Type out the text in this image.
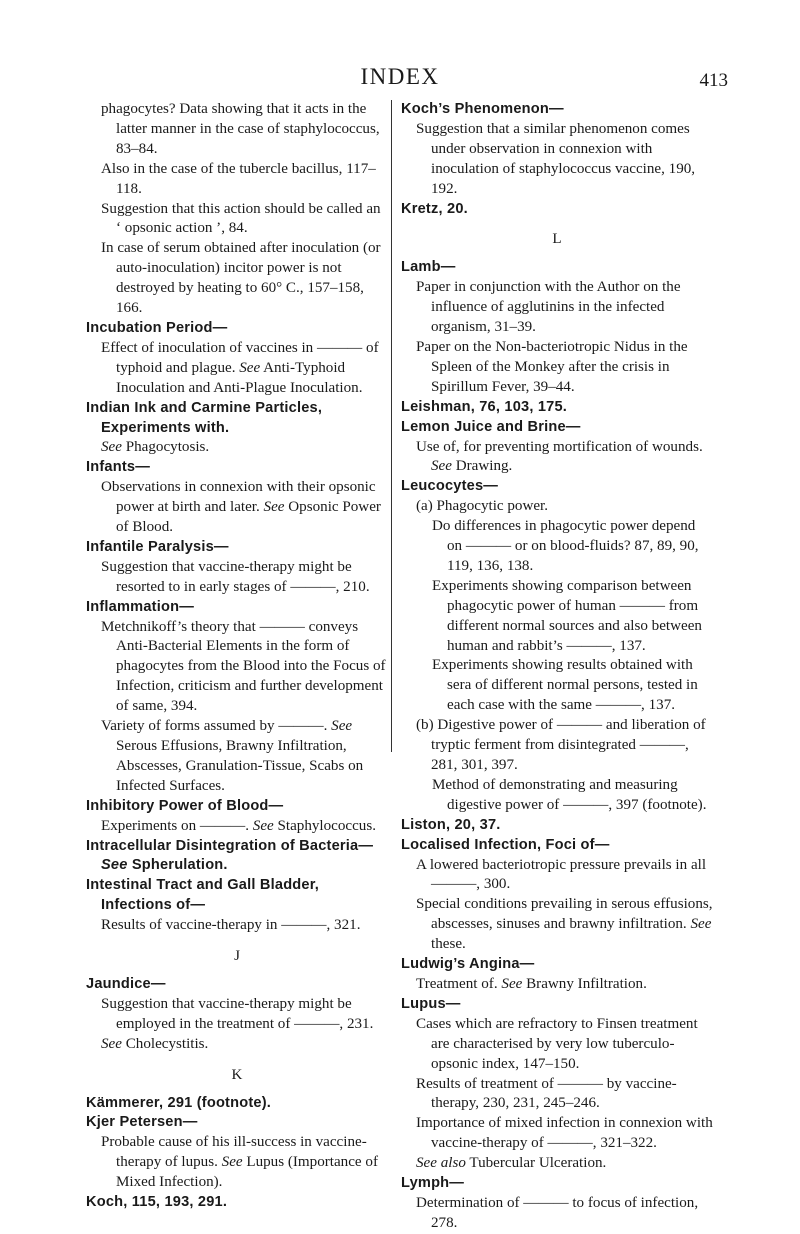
INDEX	413

phagocytes? Data showing that it acts in the latter manner in the case of staphylococcus, 83–84.

Also in the case of the tubercle bacillus, 117–118.

Suggestion that this action should be called an ‘ opsonic action ’, 84.

In case of serum obtained after inoculation (or auto-inoculation) incitor power is not destroyed by heating to 60° C., 157–158, 166.

Incubation Period—

Effect of inoculation of vaccines in ——— of typhoid and plague. See Anti-Typhoid Inoculation and Anti-Plague Inoculation.

Indian Ink and Carmine Particles, Experiments with.

See Phagocytosis.

Infants—

Observations in connexion with their opsonic power at birth and later. See Opsonic Power of Blood.

Infantile Paralysis—

Suggestion that vaccine-therapy might be resorted to in early stages of ———, 210.

Inflammation—

Metchnikoff’s theory that ——— conveys Anti-Bacterial Elements in the form of phagocytes from the Blood into the Focus of Infection, criticism and further development of same, 394.

Variety of forms assumed by ———. See Serous Effusions, Brawny Infiltration, Abscesses, Granulation-Tissue, Scabs on Infected Surfaces.

Inhibitory Power of Blood—

Experiments on ———. See Staphylococcus.

Intracellular Disintegration of Bacteria—See Spherulation.

Intestinal Tract and Gall Bladder, Infections of—

Results of vaccine-therapy in ———, 321.

J

Jaundice—

Suggestion that vaccine-therapy might be employed in the treatment of ———, 231.

See Cholecystitis.

K

Kämmerer, 291 (footnote).

Kjer Petersen—

Probable cause of his ill-success in vaccine-therapy of lupus. See Lupus (Importance of Mixed Infection).

Koch, 115, 193, 291.

Koch’s Phenomenon—

Suggestion that a similar phenomenon comes under observation in connexion with inoculation of staphylococcus vaccine, 190, 192.

Kretz, 20.

L

Lamb—

Paper in conjunction with the Author on the influence of agglutinins in the infected organism, 31–39.

Paper on the Non-bacteriotropic Nidus in the Spleen of the Monkey after the crisis in Spirillum Fever, 39–44.

Leishman, 76, 103, 175.

Lemon Juice and Brine—

Use of, for preventing mortification of wounds. See Drawing.

Leucocytes—

(a) Phagocytic power.

Do differences in phagocytic power depend on ——— or on blood-fluids? 87, 89, 90, 119, 136, 138.

Experiments showing comparison between phagocytic power of human ——— from different normal sources and also between human and rabbit’s ———, 137.

Experiments showing results obtained with sera of different normal persons, tested in each case with the same ———, 137.

(b) Digestive power of ——— and liberation of tryptic ferment from disintegrated ———, 281, 301, 397.

Method of demonstrating and measuring digestive power of ———, 397 (footnote).

Liston, 20, 37.

Localised Infection, Foci of—

A lowered bacteriotropic pressure prevails in all ———, 300.

Special conditions prevailing in serous effusions, abscesses, sinuses and brawny infiltration. See these.

Ludwig’s Angina—

Treatment of. See Brawny Infiltration.

Lupus—

Cases which are refractory to Finsen treatment are characterised by very low tuberculo-opsonic index, 147–150.

Results of treatment of ——— by vaccine-therapy, 230, 231, 245–246.

Importance of mixed infection in connexion with vaccine-therapy of ———, 321–322.

See also Tubercular Ulceration.

Lymph—

Determination of ——— to focus of infection, 278.
